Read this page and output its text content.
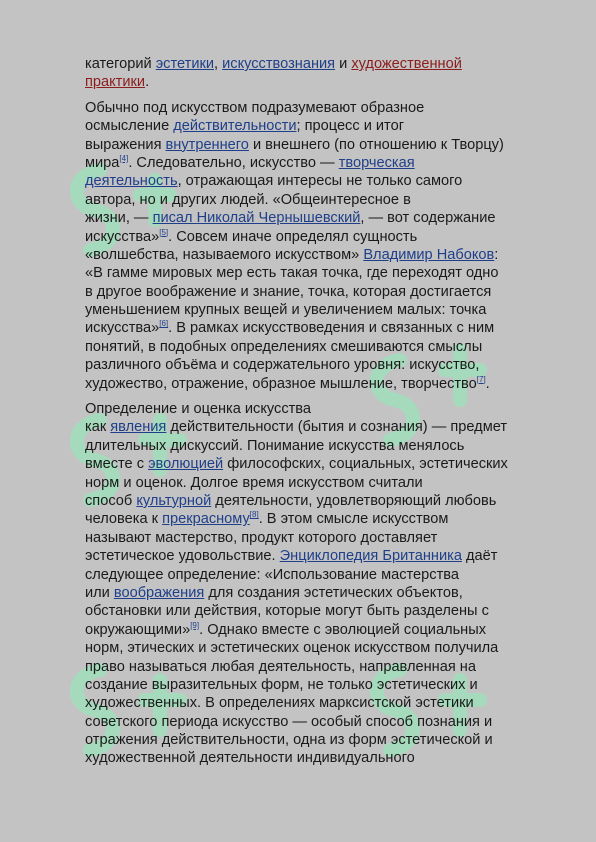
категорий эстетики, искусствознания и художественной
практики.

Обычно под искусством подразумевают образное
осмысление действительности; процесс и итог
выражения внутреннего и внешнего (по отношению к Творцу)
мира[4]. Следовательно, искусство — творческая
деятельность, отражающая интересы не только самого
автора, но и других людей. «Общеинтересное в
жизни, — писал Николай Чернышевский, — вот содержание
искусства»[5]. Совсем иначе определял сущность
«волшебства, называемого искусством» Владимир Набоков:
«В гамме мировых мер есть такая точка, где переходят одно
в другое воображение и знание, точка, которая достигается
уменьшением крупных вещей и увеличением малых: точка
искусства»[6]. В рамках искусствоведения и связанных с ним
понятий, в подобных определениях смешиваются смыслы
различного объёма и содержательного уровня: искусство,
художество, отражение, образное мышление, творчество[7].

Определение и оценка искусства
как явления действительности (бытия и сознания) — предмет
длительных дискуссий. Понимание искусства менялось
вместе с эволюцией философских, социальных, эстетических
норм и оценок. Долгое время искусством считали
способ культурной деятельности, удовлетворяющий любовь
человека к прекрасному[8]. В этом смысле искусством
называют мастерство, продукт которого доставляет
эстетическое удовольствие. Энциклопедия Британника даёт
следующее определение: «Использование мастерства
или воображения для создания эстетических объектов,
обстановки или действия, которые могут быть разделены с
окружающими»[9]. Однако вместе с эволюцией социальных
норм, этических и эстетических оценок искусством получила
право называться любая деятельность, направленная на
создание выразительных форм, не только эстетических и
художественных. В определениях марксистской эстетики
советского периода искусство — особый способ познания и
отражения действительности, одна из форм эстетической и
художественной деятельности индивидуального
